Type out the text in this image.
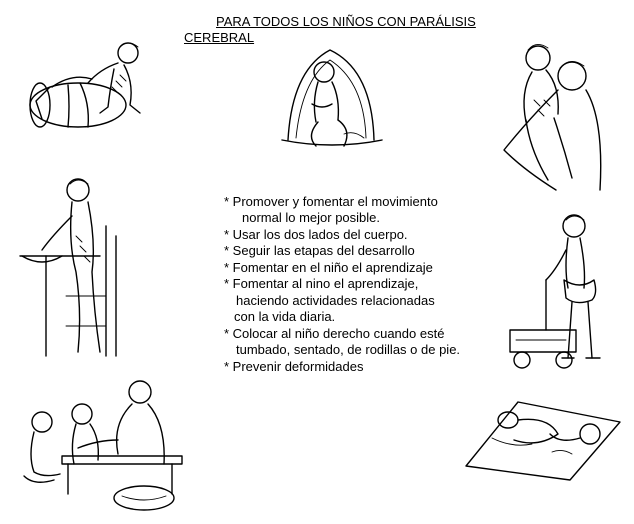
PARA TODOS LOS NIÑOS CON PARÁLISIS
CEREBRAL
* Promover y fomentar el movimiento
normal lo mejor posible.
* Usar los dos lados del cuerpo.
* Seguir las etapas del desarrollo
* Fomentar en el niño el aprendizaje
* Fomentar al nino el aprendizaje,
haciendo actividades relacionadas
con la vida diaria.
* Colocar al niño derecho cuando esté
tumbado, sentado, de rodillas o de pie.
* Prevenir deformidades
